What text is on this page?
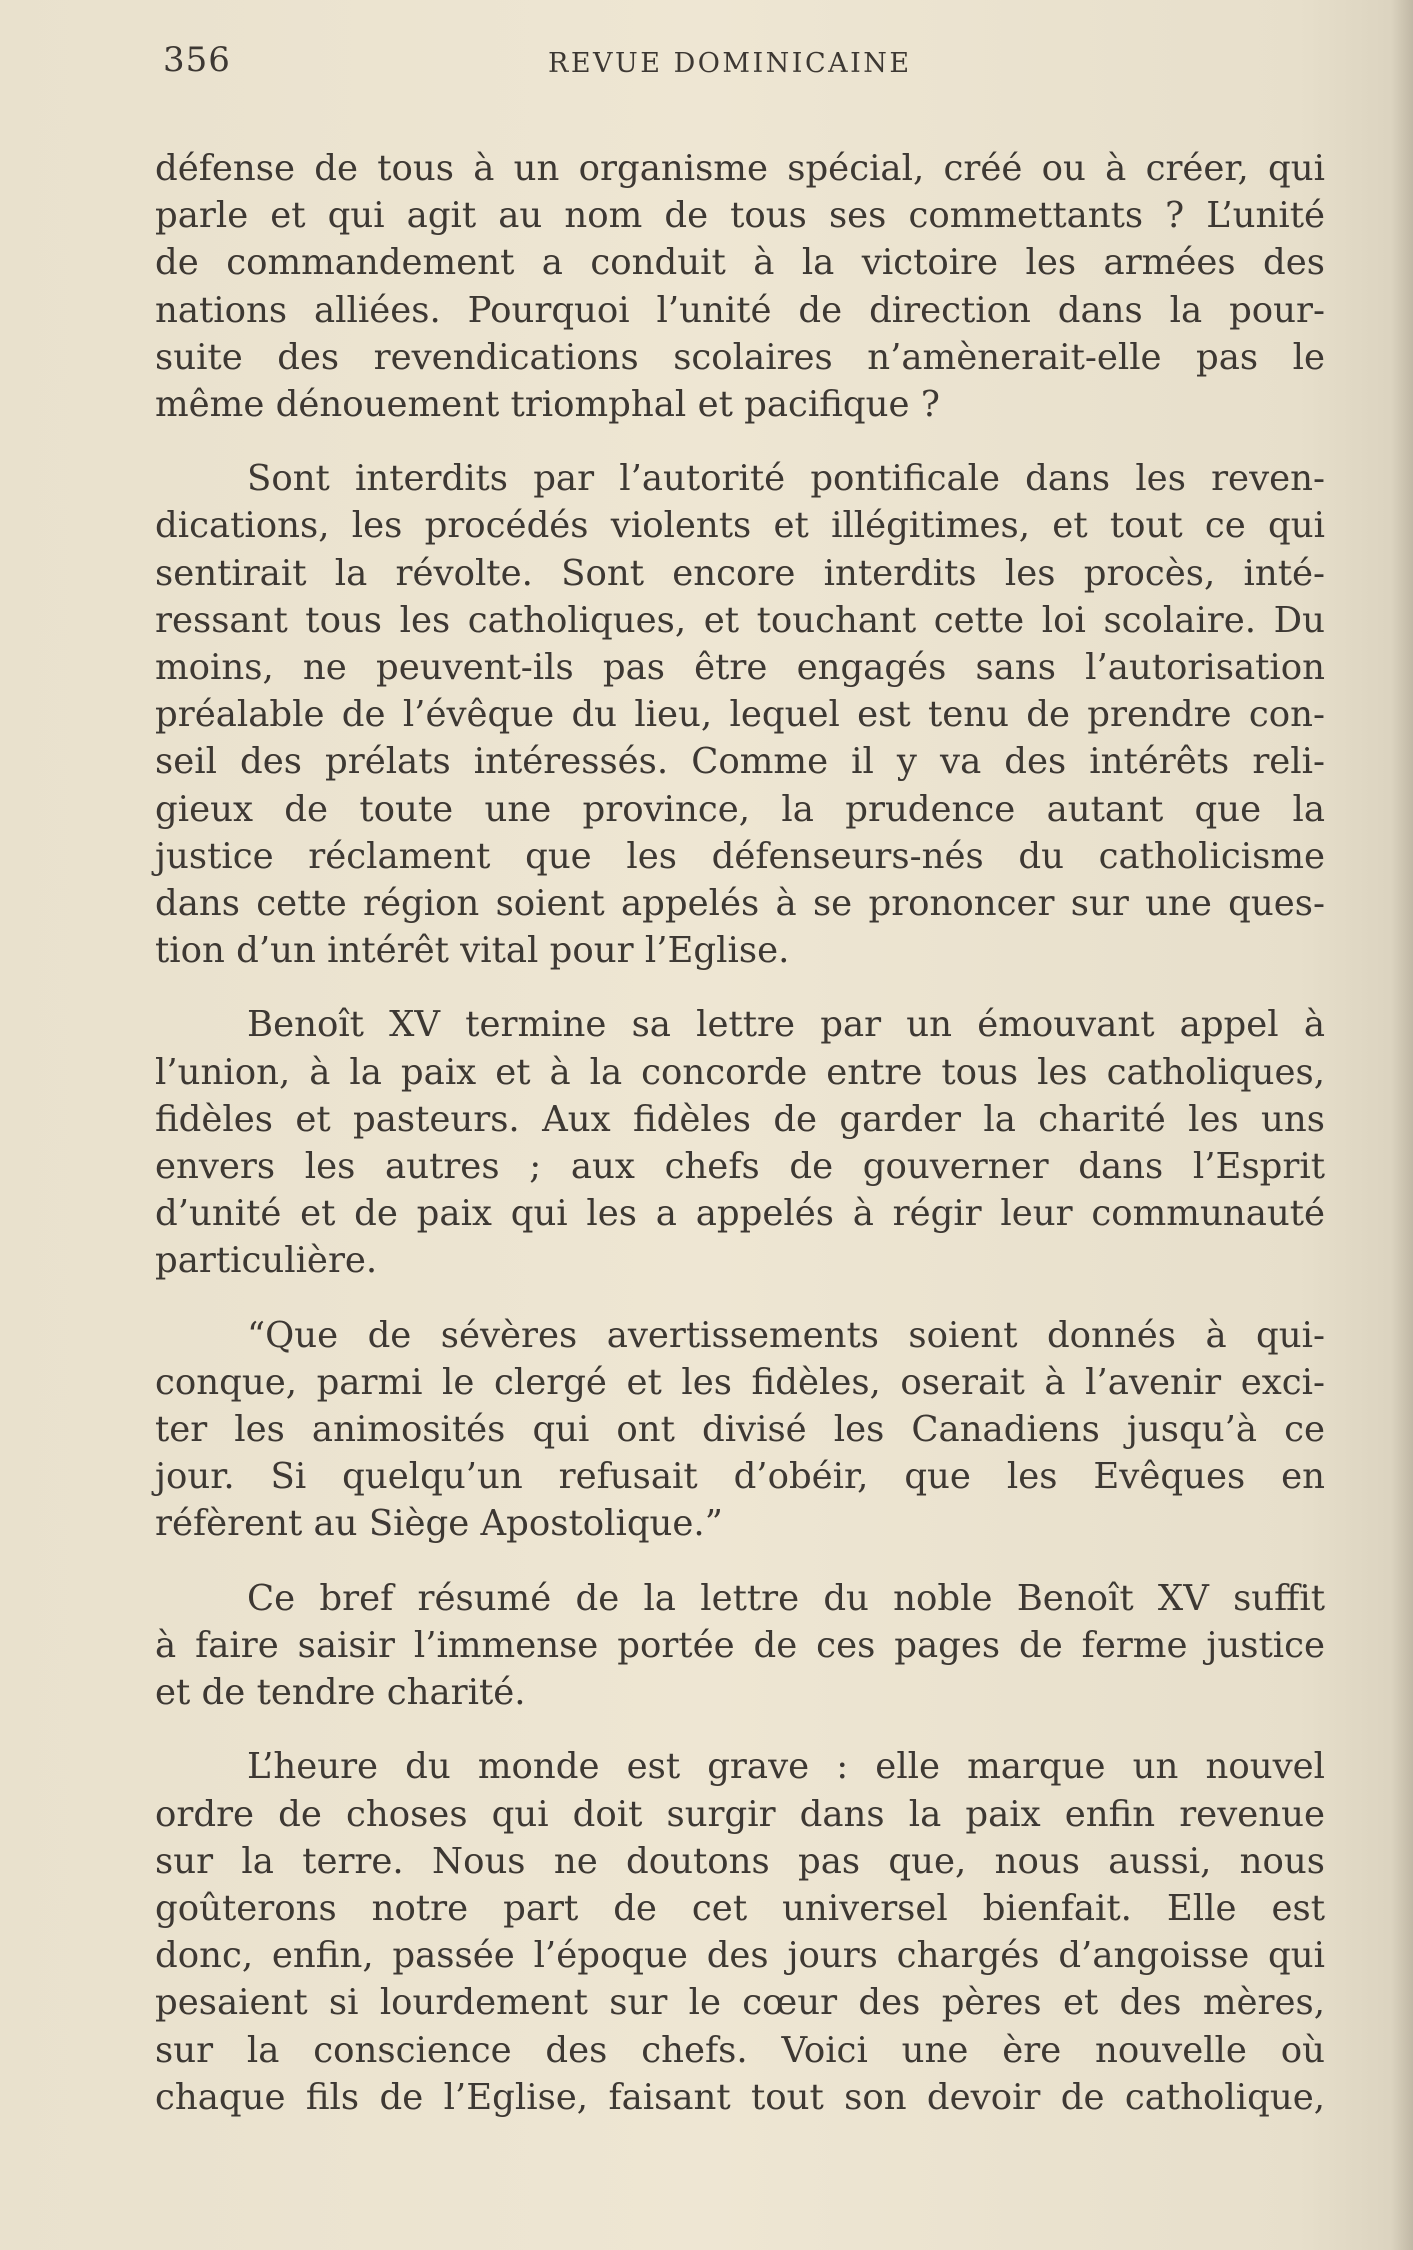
356	REVUE DOMINICAINE

défense de tous à un organisme spécial, créé ou à créer, qui
parle et qui agit au nom de tous ses commettants ? L’unité
de commandement a conduit à la victoire les armées des
nations alliées. Pourquoi l’unité de direction dans la pour-
suite des revendications scolaires n’amènerait-elle pas le
même dénouement triomphal et pacifique ?

Sont interdits par l’autorité pontificale dans les reven-
dications, les procédés violents et illégitimes, et tout ce qui
sentirait la révolte. Sont encore interdits les procès, inté-
ressant tous les catholiques, et touchant cette loi scolaire. Du
moins, ne peuvent-ils pas être engagés sans l’autorisation
préalable de l’évêque du lieu, lequel est tenu de prendre con-
seil des prélats intéressés. Comme il y va des intérêts reli-
gieux de toute une province, la prudence autant que la
justice réclament que les défenseurs-nés du catholicisme
dans cette région soient appelés à se prononcer sur une ques-
tion d’un intérêt vital pour l’Eglise.

Benoît XV termine sa lettre par un émouvant appel à
l’union, à la paix et à la concorde entre tous les catholiques,
fidèles et pasteurs. Aux fidèles de garder la charité les uns
envers les autres ; aux chefs de gouverner dans l’Esprit
d’unité et de paix qui les a appelés à régir leur communauté
particulière.

“Que de sévères avertissements soient donnés à qui-
conque, parmi le clergé et les fidèles, oserait à l’avenir exci-
ter les animosités qui ont divisé les Canadiens jusqu’à ce
jour. Si quelqu’un refusait d’obéir, que les Evêques en
réfèrent au Siège Apostolique.”

Ce bref résumé de la lettre du noble Benoît XV suffit
à faire saisir l’immense portée de ces pages de ferme justice
et de tendre charité.

L’heure du monde est grave : elle marque un nouvel
ordre de choses qui doit surgir dans la paix enfin revenue
sur la terre. Nous ne doutons pas que, nous aussi, nous
goûterons notre part de cet universel bienfait. Elle est
donc, enfin, passée l’époque des jours chargés d’angoisse qui
pesaient si lourdement sur le cœur des pères et des mères,
sur la conscience des chefs. Voici une ère nouvelle où
chaque fils de l’Eglise, faisant tout son devoir de catholique,
